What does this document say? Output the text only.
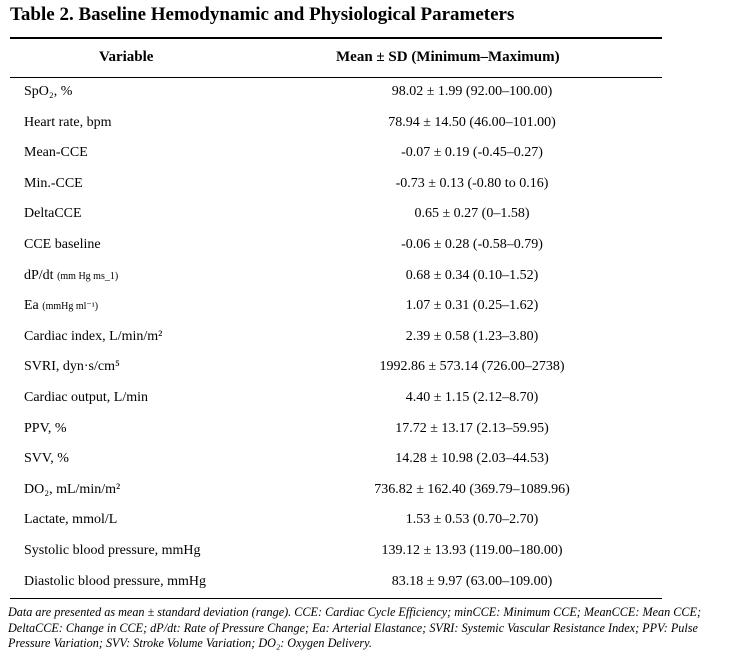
Table 2. Baseline Hemodynamic and Physiological Parameters
Variable	Mean ± SD (Minimum–Maximum)
SpO₂, %	98.02 ± 1.99 (92.00–100.00)
Heart rate, bpm	78.94 ± 14.50 (46.00–101.00)
Mean-CCE	-0.07 ± 0.19 (-0.45–0.27)
Min.-CCE	-0.73 ± 0.13 (-0.80 to 0.16)
DeltaCCE	0.65 ± 0.27 (0–1.58)
CCE baseline	-0.06 ± 0.28 (-0.58–0.79)
dP/dt (mm Hg ms_1)	0.68 ± 0.34 (0.10–1.52)
Ea (mmHg ml⁻¹)	1.07 ± 0.31 (0.25–1.62)
Cardiac index, L/min/m²	2.39 ± 0.58 (1.23–3.80)
SVRI, dyn·s/cm⁵	1992.86 ± 573.14 (726.00–2738)
Cardiac output, L/min	4.40 ± 1.15 (2.12–8.70)
PPV, %	17.72 ± 13.17 (2.13–59.95)
SVV, %	14.28 ± 10.98 (2.03–44.53)
DO₂, mL/min/m²	736.82 ± 162.40 (369.79–1089.96)
Lactate, mmol/L	1.53 ± 0.53 (0.70–2.70)
Systolic blood pressure, mmHg	139.12 ± 13.93 (119.00–180.00)
Diastolic blood pressure, mmHg	83.18 ± 9.97 (63.00–109.00)
Data are presented as mean ± standard deviation (range). CCE: Cardiac Cycle Efficiency; minCCE: Minimum CCE; MeanCCE: Mean CCE; DeltaCCE: Change in CCE; dP/dt: Rate of Pressure Change; Ea: Arterial Elastance; SVRI: Systemic Vascular Resistance Index; PPV: Pulse Pressure Variation; SVV: Stroke Volume Variation; DO₂: Oxygen Delivery.
